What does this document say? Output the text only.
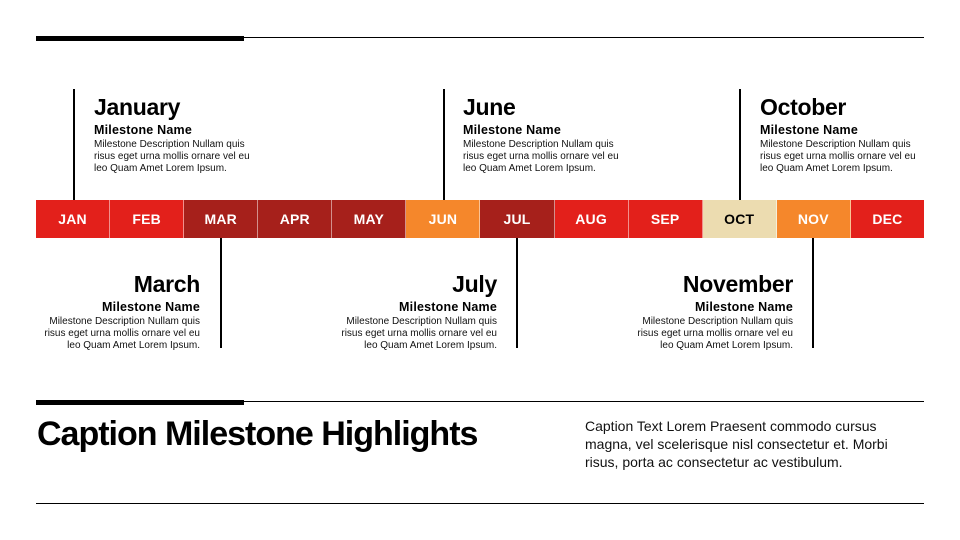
JAN	FEB	MAR	APR	MAY	JUN	JUL	AUG	SEP	OCT	NOV	DEC
January
Milestone Name
Milestone Description Nullam quis risus eget urna mollis ornare vel eu leo Quam Amet Lorem Ipsum.
June
Milestone Name
Milestone Description Nullam quis risus eget urna mollis ornare vel eu leo Quam Amet Lorem Ipsum.
October
Milestone Name
Milestone Description Nullam quis risus eget urna mollis ornare vel eu leo Quam Amet Lorem Ipsum.
March
Milestone Name
Milestone Description Nullam quis risus eget urna mollis ornare vel eu leo Quam Amet Lorem Ipsum.
July
Milestone Name
Milestone Description Nullam quis risus eget urna mollis ornare vel eu leo Quam Amet Lorem Ipsum.
November
Milestone Name
Milestone Description Nullam quis risus eget urna mollis ornare vel eu leo Quam Amet Lorem Ipsum.
Caption Milestone Highlights	Caption Text Lorem Praesent commodo cursus magna, vel scelerisque nisl consectetur et. Morbi risus, porta ac consectetur ac vestibulum.
